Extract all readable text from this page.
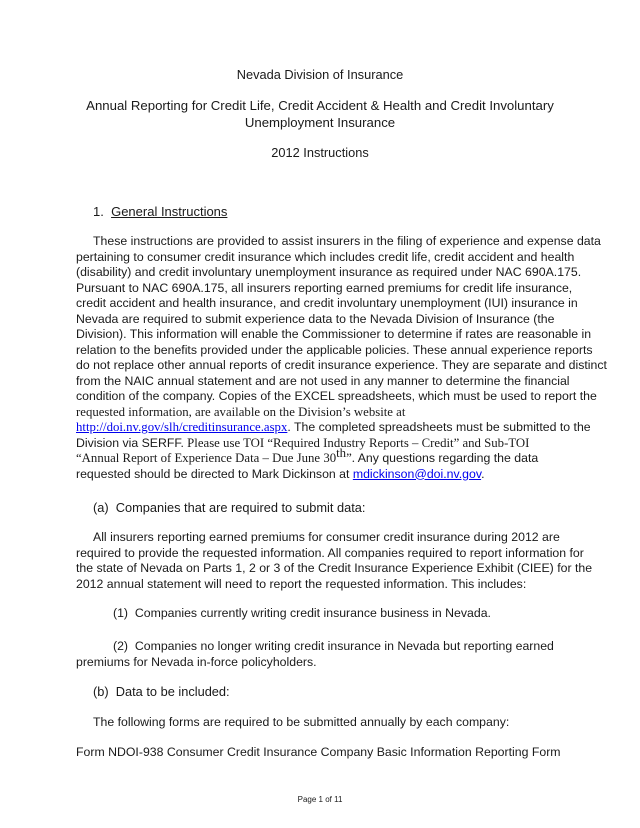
Nevada Division of Insurance
Annual Reporting for Credit Life, Credit Accident & Health and Credit Involuntary
Unemployment Insurance
2012 Instructions
1. General Instructions
These instructions are provided to assist insurers in the filing of experience and expense data
pertaining to consumer credit insurance which includes credit life, credit accident and health
(disability) and credit involuntary unemployment insurance as required under NAC 690A.175.
Pursuant to NAC 690A.175, all insurers reporting earned premiums for credit life insurance,
credit accident and health insurance, and credit involuntary unemployment (IUI) insurance in
Nevada are required to submit experience data to the Nevada Division of Insurance (the
Division). This information will enable the Commissioner to determine if rates are reasonable in
relation to the benefits provided under the applicable policies. These annual experience reports
do not replace other annual reports of credit insurance experience. They are separate and distinct
from the NAIC annual statement and are not used in any manner to determine the financial
condition of the company. Copies of the EXCEL spreadsheets, which must be used to report the
requested information, are available on the Division’s website at
http://doi.nv.gov/slh/creditinsurance.aspx. The completed spreadsheets must be submitted to the
Division via SERFF. Please use TOI “Required Industry Reports – Credit” and Sub-TOI
“Annual Report of Experience Data – Due June 30th”. Any questions regarding the data
requested should be directed to Mark Dickinson at mdickinson@doi.nv.gov.
(a) Companies that are required to submit data:
All insurers reporting earned premiums for consumer credit insurance during 2012 are
required to provide the requested information. All companies required to report information for
the state of Nevada on Parts 1, 2 or 3 of the Credit Insurance Experience Exhibit (CIEE) for the
2012 annual statement will need to report the requested information. This includes:
(1) Companies currently writing credit insurance business in Nevada.
(2) Companies no longer writing credit insurance in Nevada but reporting earned
premiums for Nevada in-force policyholders.
(b) Data to be included:
The following forms are required to be submitted annually by each company:
Form NDOI-938 Consumer Credit Insurance Company Basic Information Reporting Form
Page 1 of 11
